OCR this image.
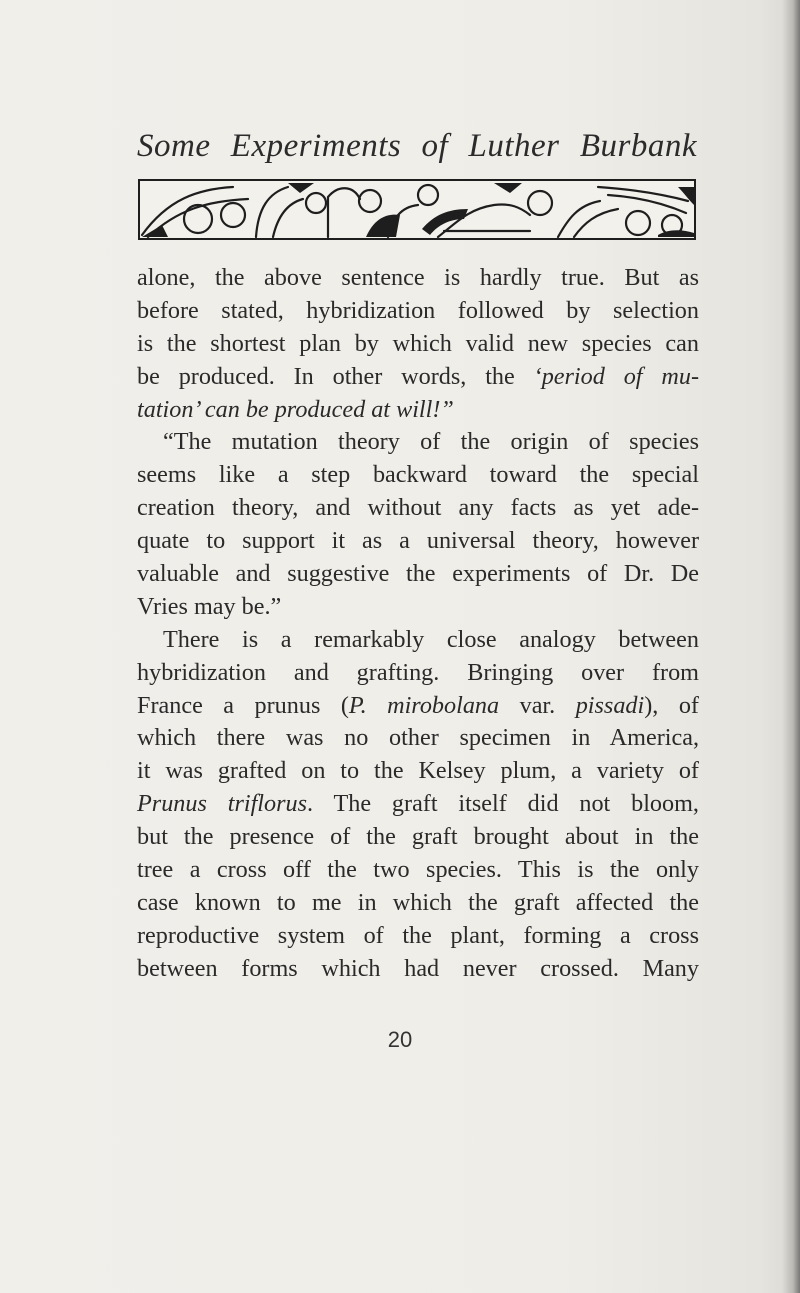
Some Experiments of Luther Burbank
alone, the above sentence is hardly true. But as
before stated, hybridization followed by selection
is the shortest plan by which valid new species can
be produced. In other words, the ‘period of mu-
tation’ can be produced at will!”
“The mutation theory of the origin of species
seems like a step backward toward the special
creation theory, and without any facts as yet ade-
quate to support it as a universal theory, however
valuable and suggestive the experiments of Dr. De
Vries may be.”
There is a remarkably close analogy between
hybridization and grafting. Bringing over from
France a prunus (P. mirobolana var. pissadi), of
which there was no other specimen in America,
it was grafted on to the Kelsey plum, a variety of
Prunus triflorus. The graft itself did not bloom,
but the presence of the graft brought about in the
tree a cross off the two species. This is the only
case known to me in which the graft affected the
reproductive system of the plant, forming a cross
between forms which had never crossed. Many
20
